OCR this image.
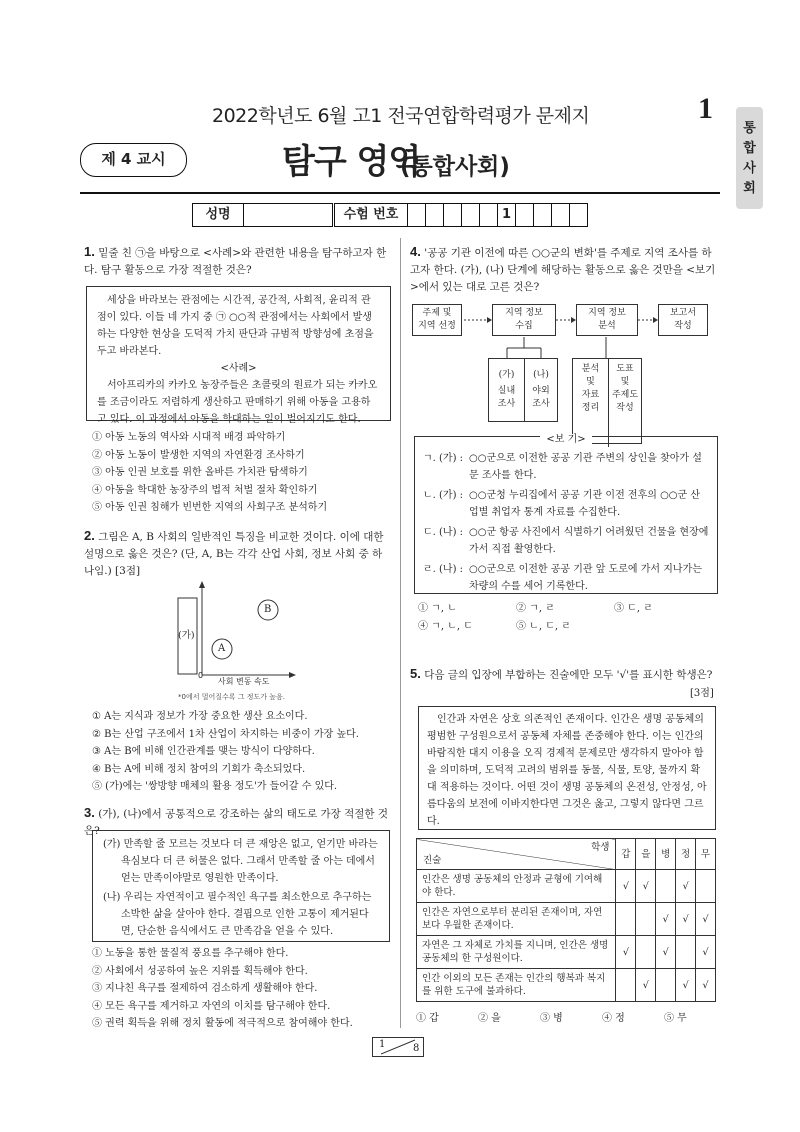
2022학년도 6월 고1 전국연합학력평가 문제지	1
통
합
사
회
제 4 교시	탐구 영역
(통합사회)
성명	수험 번호	1
1. 밑줄 친 ㉠을 바탕으로 <사례>와 관련한 내용을 탐구하고자 한다. 탐구 활동으로 가장 적절한 것은?
세상을 바라보는 관점에는 시간적, 공간적, 사회적, 윤리적 관점이 있다. 이들 네 가지 중 ㉠ ○○적 관점에서는 사회에서 발생하는 다양한 현상을 도덕적 가치 판단과 규범적 방향성에 초점을 두고 바라본다.
<사례>
서아프리카의 카카오 농장주들은 초콜릿의 원료가 되는 카카오를 조금이라도 저렴하게 생산하고 판매하기 위해 아동을 고용하고 있다. 이 과정에서 아동을 학대하는 일이 벌어지기도 한다.
① 아동 노동의 역사와 시대적 배경 파악하기
② 아동 노동이 발생한 지역의 자연환경 조사하기
③ 아동 인권 보호를 위한 올바른 가치관 탐색하기
④ 아동을 학대한 농장주의 법적 처벌 절차 확인하기
⑤ 아동 인권 침해가 빈번한 지역의 사회구조 분석하기
2. 그림은 A, B 사회의 일반적인 특징을 비교한 것이다. 이에 대한 설명으로 옳은 것은? (단, A, B는 각각 산업 사회, 정보 사회 중 하나임.) [3점]
(가)
A
B
0
사회 변동 속도
*0에서 멀어질수록 그 정도가 높음.
① A는 지식과 정보가 가장 중요한 생산 요소이다.
② B는 산업 구조에서 1차 산업이 차지하는 비중이 가장 높다.
③ A는 B에 비해 인간관계를 맺는 방식이 다양하다.
④ B는 A에 비해 정치 참여의 기회가 축소되었다.
⑤ (가)에는 '쌍방향 매체의 활용 정도'가 들어갈 수 있다.
3. (가), (나)에서 공통적으로 강조하는 삶의 태도로 가장 적절한 것은?
(가) 만족할 줄 모르는 것보다 더 큰 재앙은 없고, 얻기만 바라는 욕심보다 더 큰 허물은 없다. 그래서 만족할 줄 아는 데에서 얻는 만족이야말로 영원한 만족이다.
(나) 우리는 자연적이고 필수적인 욕구를 최소한으로 추구하는 소박한 삶을 살아야 한다. 결핍으로 인한 고통이 제거된다면, 단순한 음식에서도 큰 만족감을 얻을 수 있다.
① 노동을 통한 물질적 풍요를 추구해야 한다.
② 사회에서 성공하여 높은 지위를 획득해야 한다.
③ 지나친 욕구를 절제하여 검소하게 생활해야 한다.
④ 모든 욕구를 제거하고 자연의 이치를 탐구해야 한다.
⑤ 권력 획득을 위해 정치 활동에 적극적으로 참여해야 한다.
4. '공공 기관 이전에 따른 ○○군의 변화'를 주제로 지역 조사를 하고자 한다. (가), (나) 단계에 해당하는 활동으로 옳은 것만을 <보기>에서 있는 대로 고른 것은?
주제 및
지역 선정
지역 정보
수집
지역 정보
분석
보고서
작성
(가)
실내
조사
(나)
야외
조사
분석
및
자료
정리
도표
및
주제도
작성
<보 기>
ㄱ. (가) : ○○군으로 이전한 공공 기관 주변의 상인을 찾아가 설문 조사를 한다.
ㄴ. (가) : ○○군청 누리집에서 공공 기관 이전 전후의 ○○군 산업별 취업자 통계 자료를 수집한다.
ㄷ. (나) : ○○군 항공 사진에서 식별하기 어려웠던 건물을 현장에 가서 직접 촬영한다.
ㄹ. (나) : ○○군으로 이전한 공공 기관 앞 도로에 가서 지나가는 차량의 수를 세어 기록한다.
① ㄱ, ㄴ	② ㄱ, ㄹ	③ ㄷ, ㄹ
④ ㄱ, ㄴ, ㄷ	⑤ ㄴ, ㄷ, ㄹ
5. 다음 글의 입장에 부합하는 진술에만 모두 '√'를 표시한 학생은?
[3점]
인간과 자연은 상호 의존적인 존재이다. 인간은 생명 공동체의 평범한 구성원으로서 공동체 자체를 존중해야 한다. 이는 인간의 바람직한 대지 이용을 오직 경제적 문제로만 생각하지 말아야 함을 의미하며, 도덕적 고려의 범위를 동물, 식물, 토양, 물까지 확대 적용하는 것이다. 어떤 것이 생명 공동체의 온전성, 안정성, 아름다움의 보전에 이바지한다면 그것은 옳고, 그렇지 않다면 그르다.
학생
진술	갑	을	병	정	무
인간은 생명 공동체의 안정과 균형에 기여해야 한다.	√	√		√	
인간은 자연으로부터 분리된 존재이며, 자연보다 우월한 존재이다.			√	√	√
자연은 그 자체로 가치를 지니며, 인간은 생명 공동체의 한 구성원이다.	√		√		√
인간 이외의 모든 존재는 인간의 행복과 복지를 위한 도구에 불과하다.		√		√	√
① 갑	② 을	③ 병	④ 정	⑤ 무
1	8
